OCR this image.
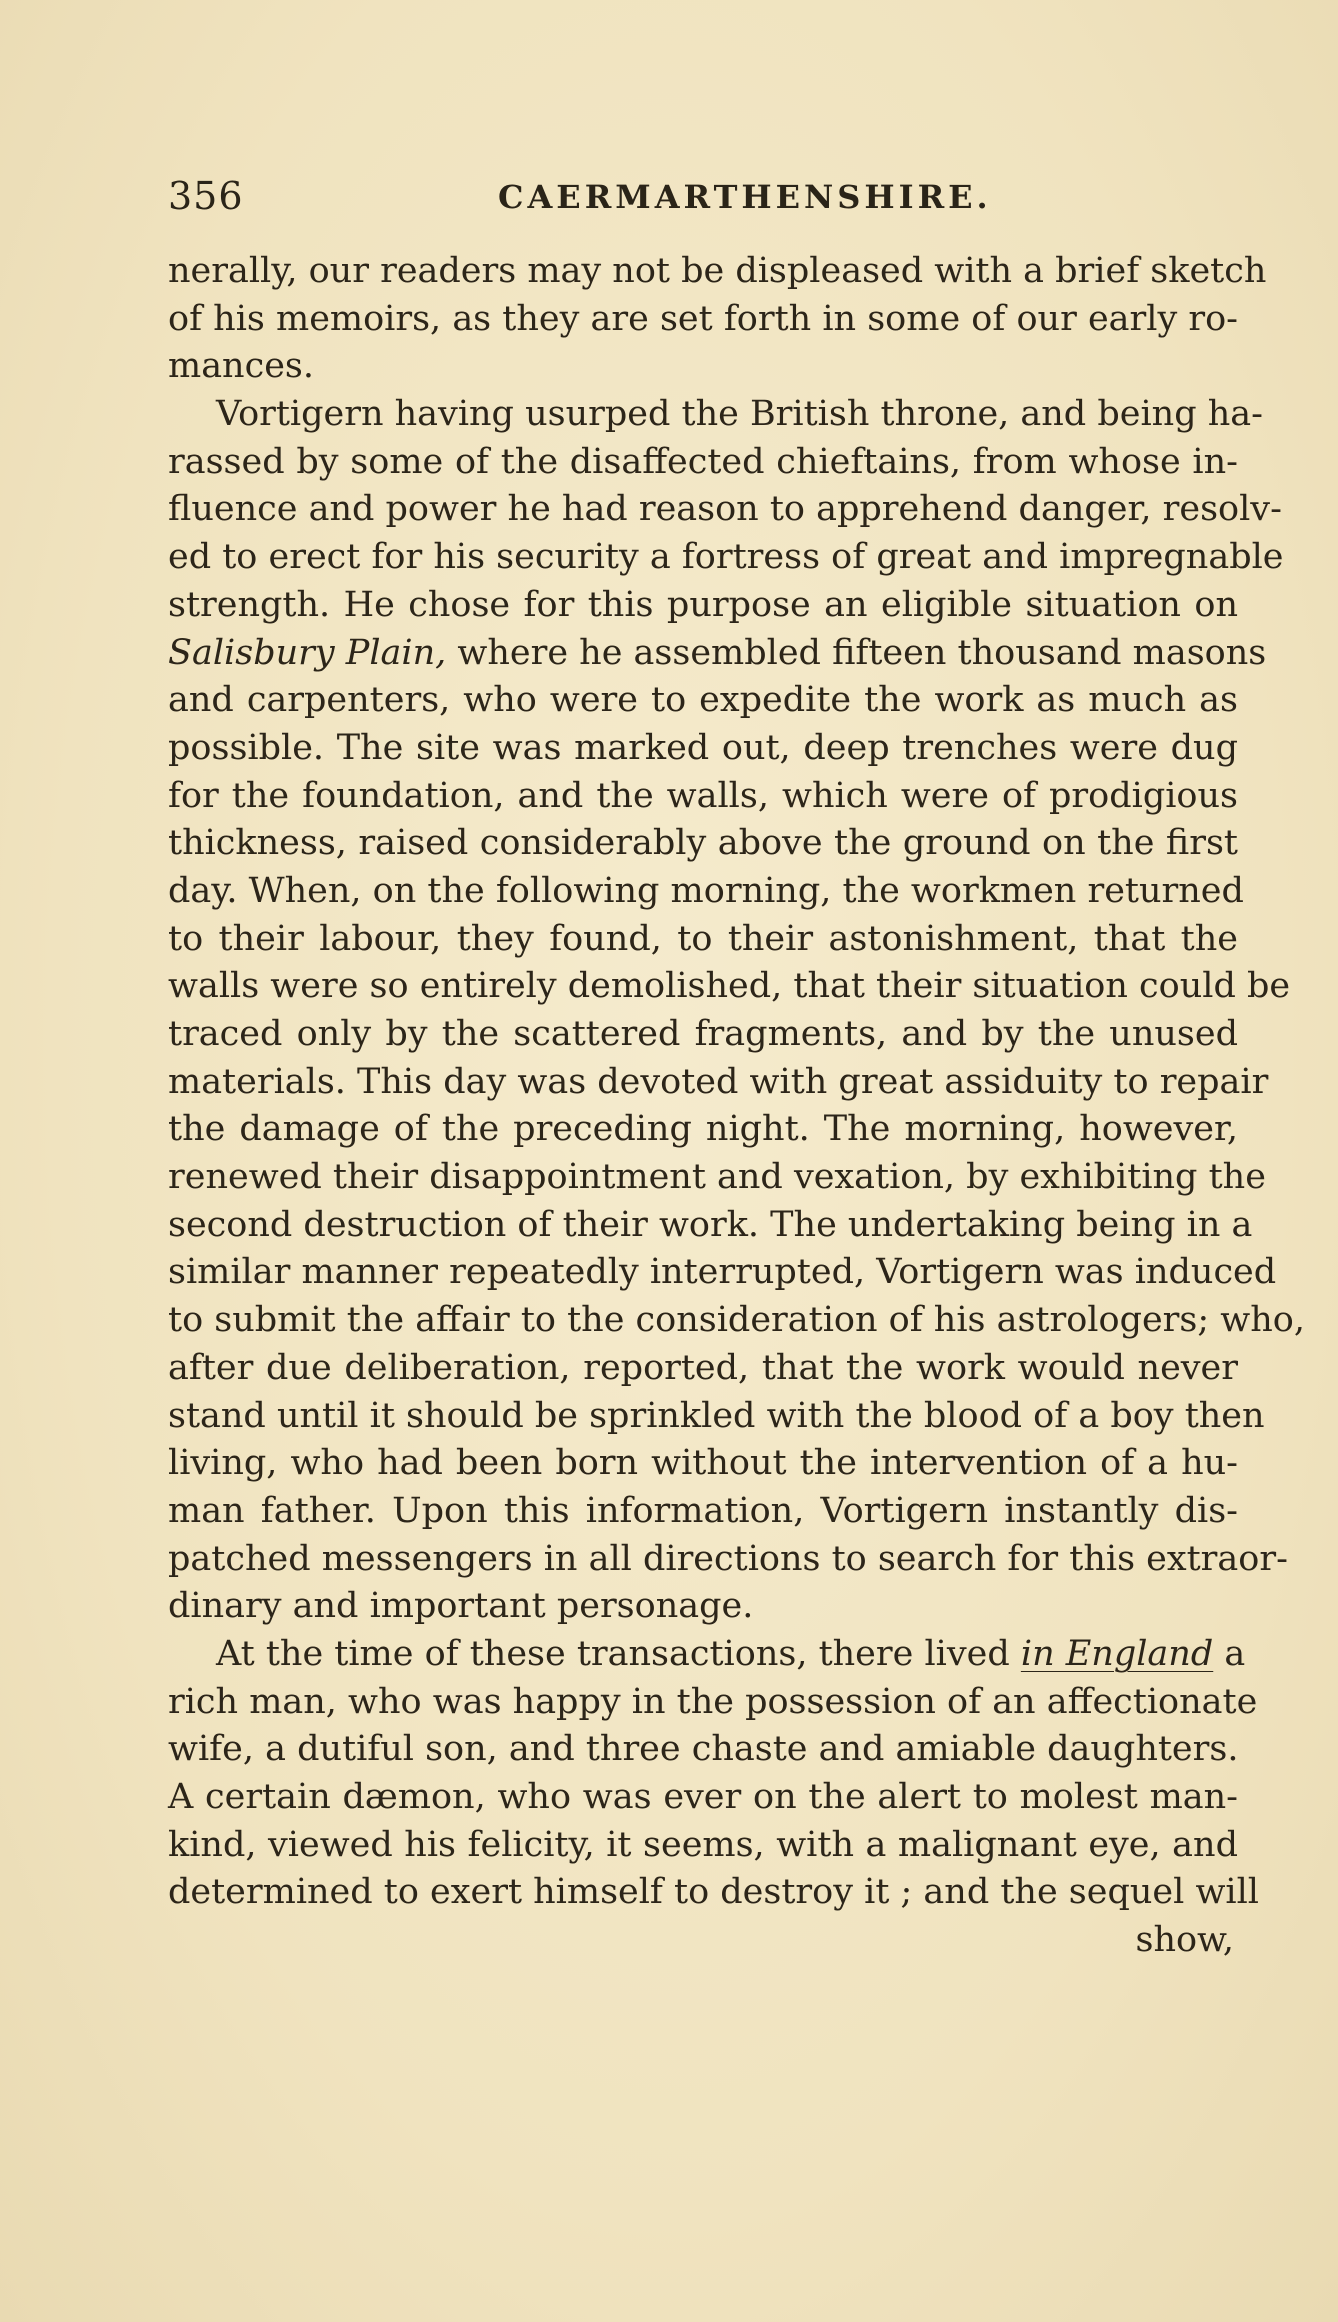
356	CAERMARTHENSHIRE.
nerally, our readers may not be displeased with a brief sketch
of his memoirs, as they are set forth in some of our early ro-
mances.
Vortigern having usurped the British throne, and being ha-
rassed by some of the disaffected chieftains, from whose in-
fluence and power he had reason to apprehend danger, resolv-
ed to erect for his security a fortress of great and impregnable
strength. He chose for this purpose an eligible situation on
Salisbury Plain, where he assembled fifteen thousand masons
and carpenters, who were to expedite the work as much as
possible. The site was marked out, deep trenches were dug
for the foundation, and the walls, which were of prodigious
thickness, raised considerably above the ground on the first
day. When, on the following morning, the workmen returned
to their labour, they found, to their astonishment, that the
walls were so entirely demolished, that their situation could be
traced only by the scattered fragments, and by the unused
materials. This day was devoted with great assiduity to repair
the damage of the preceding night. The morning, however,
renewed their disappointment and vexation, by exhibiting the
second destruction of their work. The undertaking being in a
similar manner repeatedly interrupted, Vortigern was induced
to submit the affair to the consideration of his astrologers; who,
after due deliberation, reported, that the work would never
stand until it should be sprinkled with the blood of a boy then
living, who had been born without the intervention of a hu-
man father. Upon this information, Vortigern instantly dis-
patched messengers in all directions to search for this extraor-
dinary and important personage.
At the time of these transactions, there lived in England a
rich man, who was happy in the possession of an affectionate
wife, a dutiful son, and three chaste and amiable daughters.
A certain dæmon, who was ever on the alert to molest man-
kind, viewed his felicity, it seems, with a malignant eye, and
determined to exert himself to destroy it ; and the sequel will
show,
